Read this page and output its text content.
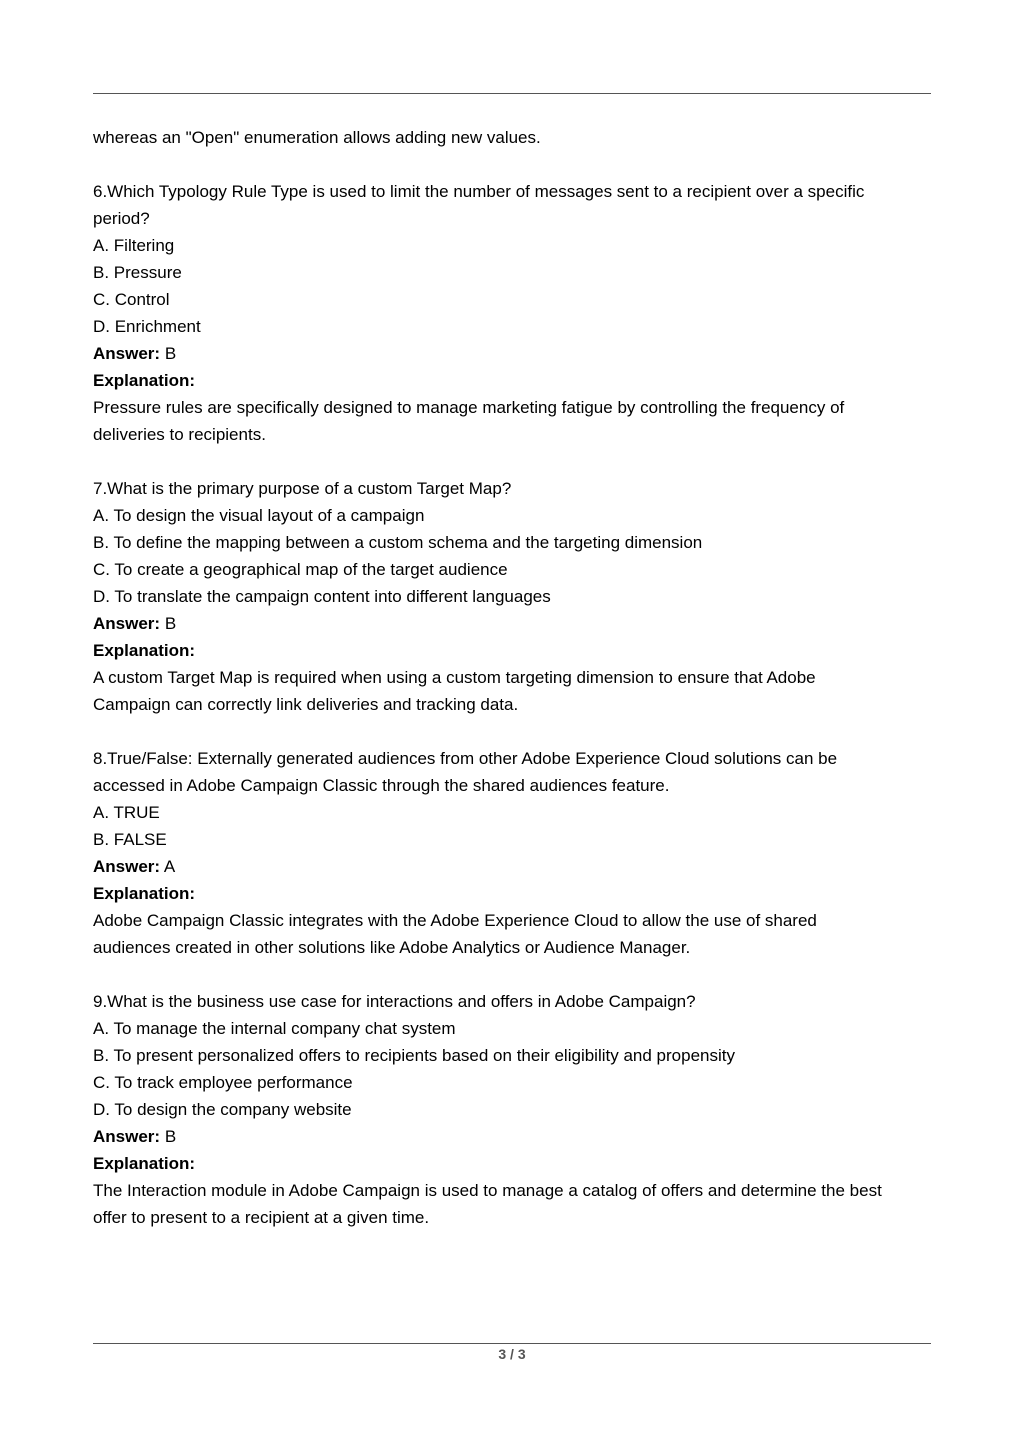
whereas an "Open" enumeration allows adding new values.

6.Which Typology Rule Type is used to limit the number of messages sent to a recipient over a specific

period?

A. Filtering

B. Pressure

C. Control

D. Enrichment

Answer: B

Explanation:

Pressure rules are specifically designed to manage marketing fatigue by controlling the frequency of

deliveries to recipients.

7.What is the primary purpose of a custom Target Map?

A. To design the visual layout of a campaign

B. To define the mapping between a custom schema and the targeting dimension

C. To create a geographical map of the target audience

D. To translate the campaign content into different languages

Answer: B

Explanation:

A custom Target Map is required when using a custom targeting dimension to ensure that Adobe

Campaign can correctly link deliveries and tracking data.

8.True/False: Externally generated audiences from other Adobe Experience Cloud solutions can be

accessed in Adobe Campaign Classic through the shared audiences feature.

A. TRUE

B. FALSE

Answer: A

Explanation:

Adobe Campaign Classic integrates with the Adobe Experience Cloud to allow the use of shared

audiences created in other solutions like Adobe Analytics or Audience Manager.

9.What is the business use case for interactions and offers in Adobe Campaign?

A. To manage the internal company chat system

B. To present personalized offers to recipients based on their eligibility and propensity

C. To track employee performance

D. To design the company website

Answer: B

Explanation:

The Interaction module in Adobe Campaign is used to manage a catalog of offers and determine the best

offer to present to a recipient at a given time.

3 / 3
